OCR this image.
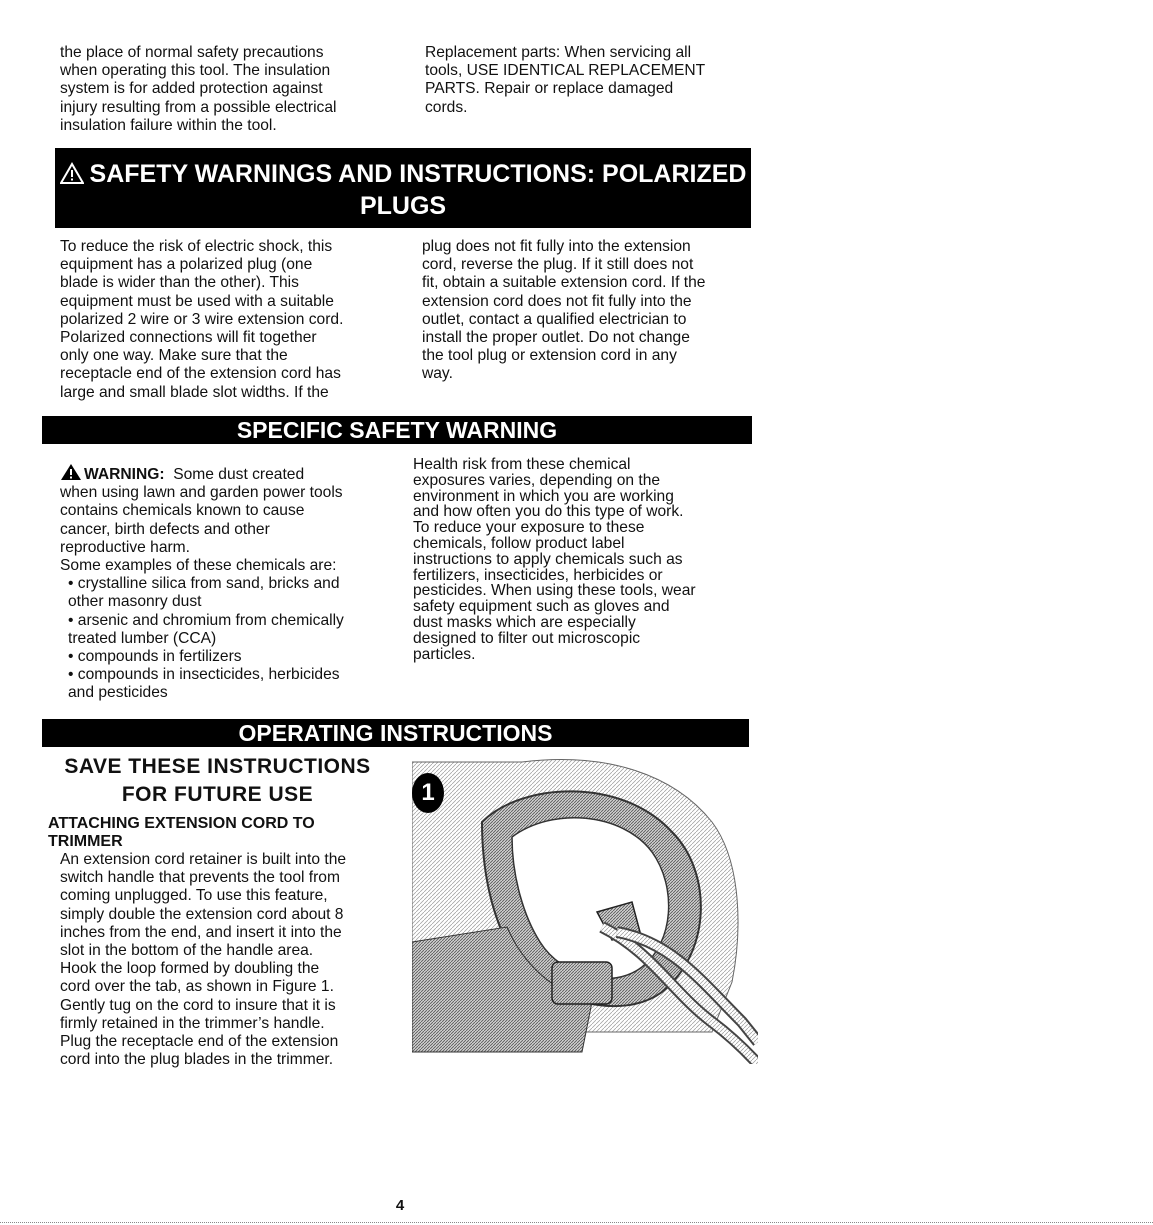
the place of normal safety precautions
when operating this tool. The insulation
system is for added protection against
injury resulting from a possible electrical
insulation failure within the tool.

Replacement parts: When servicing all
tools, USE IDENTICAL REPLACEMENT
PARTS. Repair or replace damaged
cords.

SAFETY WARNINGS AND INSTRUCTIONS: POLARIZED
PLUGS

To reduce the risk of electric shock, this
equipment has a polarized plug (one
blade is wider than the other). This
equipment must be used with a suitable
polarized 2 wire or 3 wire extension cord.
Polarized connections will fit together
only one way. Make sure that the
receptacle end of the extension cord has
large and small blade slot widths. If the

plug does not fit fully into the extension
cord, reverse the plug. If it still does not
fit, obtain a suitable extension cord. If the
extension cord does not fit fully into the
outlet, contact a qualified electrician to
install the proper outlet. Do not change
the tool plug or extension cord in any
way.

SPECIFIC SAFETY WARNING
WARNING: Some dust created

when using lawn and garden power tools
contains chemicals known to cause
cancer, birth defects and other
reproductive harm.
Some examples of these chemicals are:

• crystalline silica from sand, bricks and
other masonry dust

• arsenic and chromium from chemically
treated lumber (CCA)

• compounds in fertilizers

• compounds in insecticides, herbicides
and pesticides

Health risk from these chemical
exposures varies, depending on the
environment in which you are working
and how often you do this type of work.
To reduce your exposure to these
chemicals, follow product label
instructions to apply chemicals such as
fertilizers, insecticides, herbicides or
pesticides. When using these tools, wear
safety equipment such as gloves and
dust masks which are especially
designed to filter out microscopic
particles.

OPERATING INSTRUCTIONS
SAVE THESE INSTRUCTIONS
FOR FUTURE USE
ATTACHING EXTENSION CORD TO
TRIMMER

An extension cord retainer is built into the
switch handle that prevents the tool from
coming unplugged. To use this feature,
simply double the extension cord about 8
inches from the end, and insert it into the
slot in the bottom of the handle area.
Hook the loop formed by doubling the
cord over the tab, as shown in Figure 1.
Gently tug on the cord to insure that it is
firmly retained in the trimmer’s handle.
Plug the receptacle end of the extension
cord into the plug blades in the trimmer.

1
4
